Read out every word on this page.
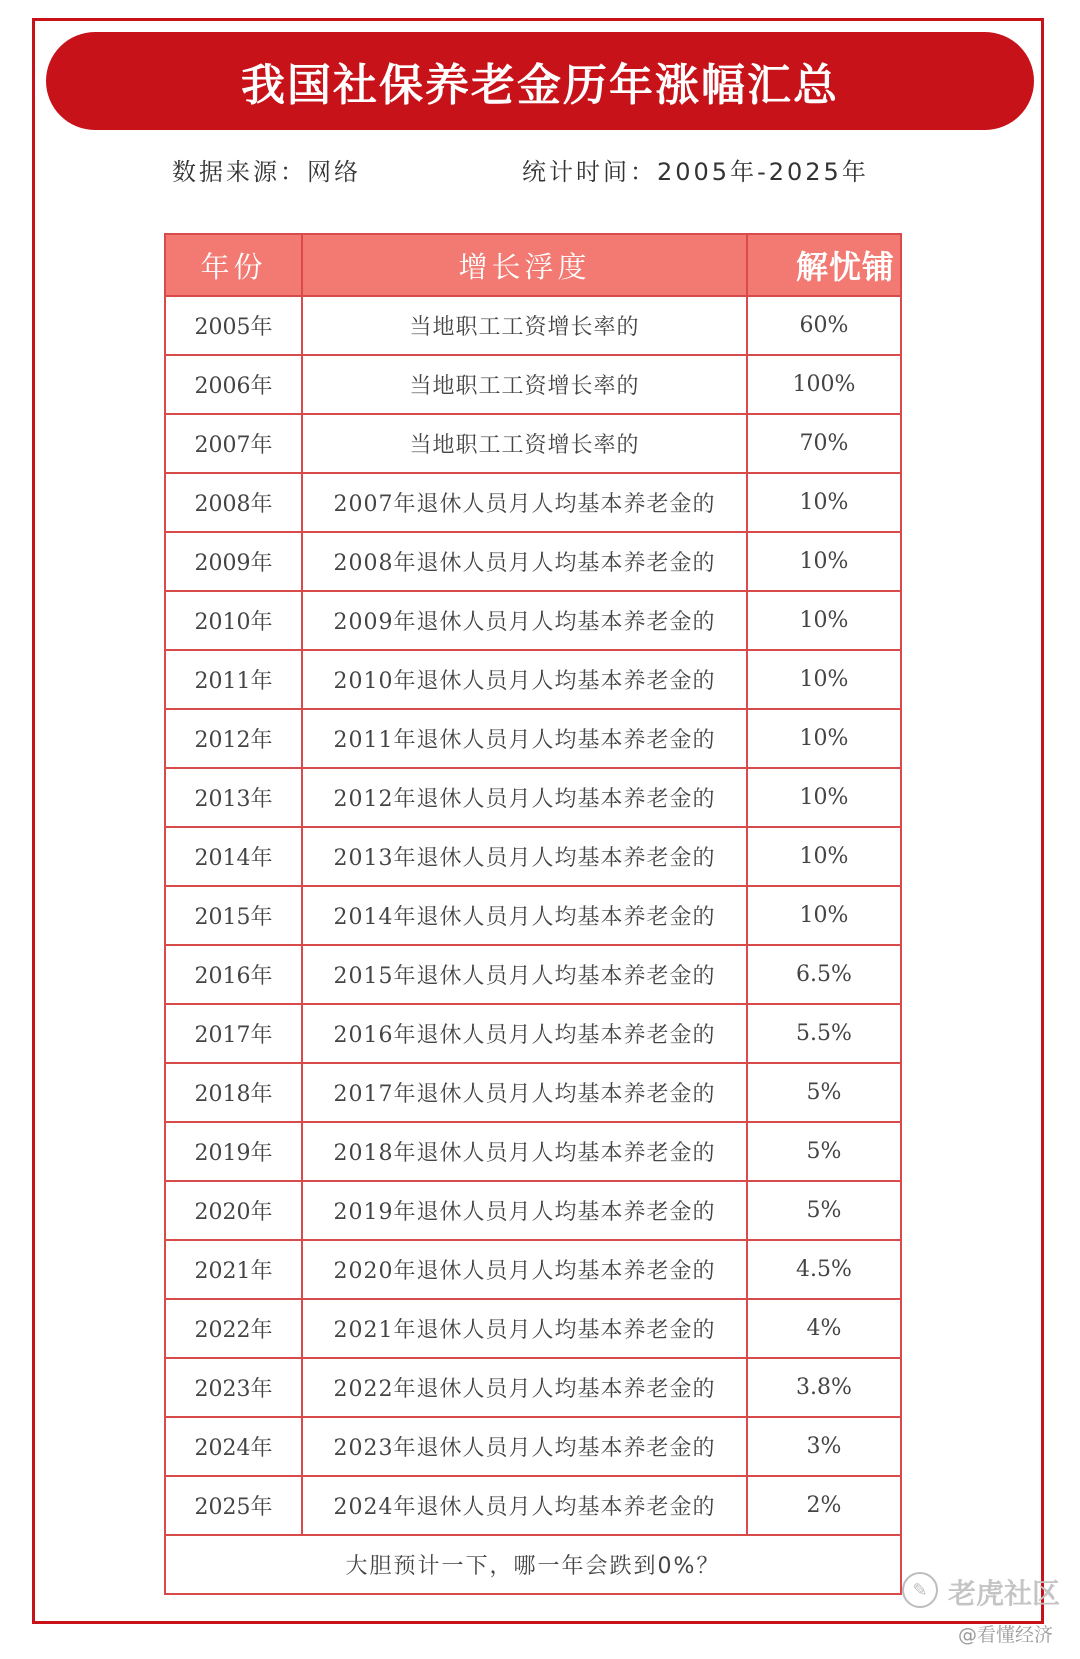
我国社保养老金历年涨幅汇总
数据来源：网络	统计时间：2005年-2025年
年份	增长浮度	解忧铺

2005年	当地职工工资增长率的	60%
2006年	当地职工工资增长率的	100%
2007年	当地职工工资增长率的	70%
2008年	2007年退休人员月人均基本养老金的	10%
2009年	2008年退休人员月人均基本养老金的	10%
2010年	2009年退休人员月人均基本养老金的	10%
2011年	2010年退休人员月人均基本养老金的	10%
2012年	2011年退休人员月人均基本养老金的	10%
2013年	2012年退休人员月人均基本养老金的	10%
2014年	2013年退休人员月人均基本养老金的	10%
2015年	2014年退休人员月人均基本养老金的	10%
2016年	2015年退休人员月人均基本养老金的	6.5%
2017年	2016年退休人员月人均基本养老金的	5.5%
2018年	2017年退休人员月人均基本养老金的	5%
2019年	2018年退休人员月人均基本养老金的	5%
2020年	2019年退休人员月人均基本养老金的	5%
2021年	2020年退休人员月人均基本养老金的	4.5%
2022年	2021年退休人员月人均基本养老金的	4%
2023年	2022年退休人员月人均基本养老金的	3.8%
2024年	2023年退休人员月人均基本养老金的	3%
2025年	2024年退休人员月人均基本养老金的	2%
大胆预计一下，哪一年会跌到0%？		
✎ 老虎社区
@看懂经济
